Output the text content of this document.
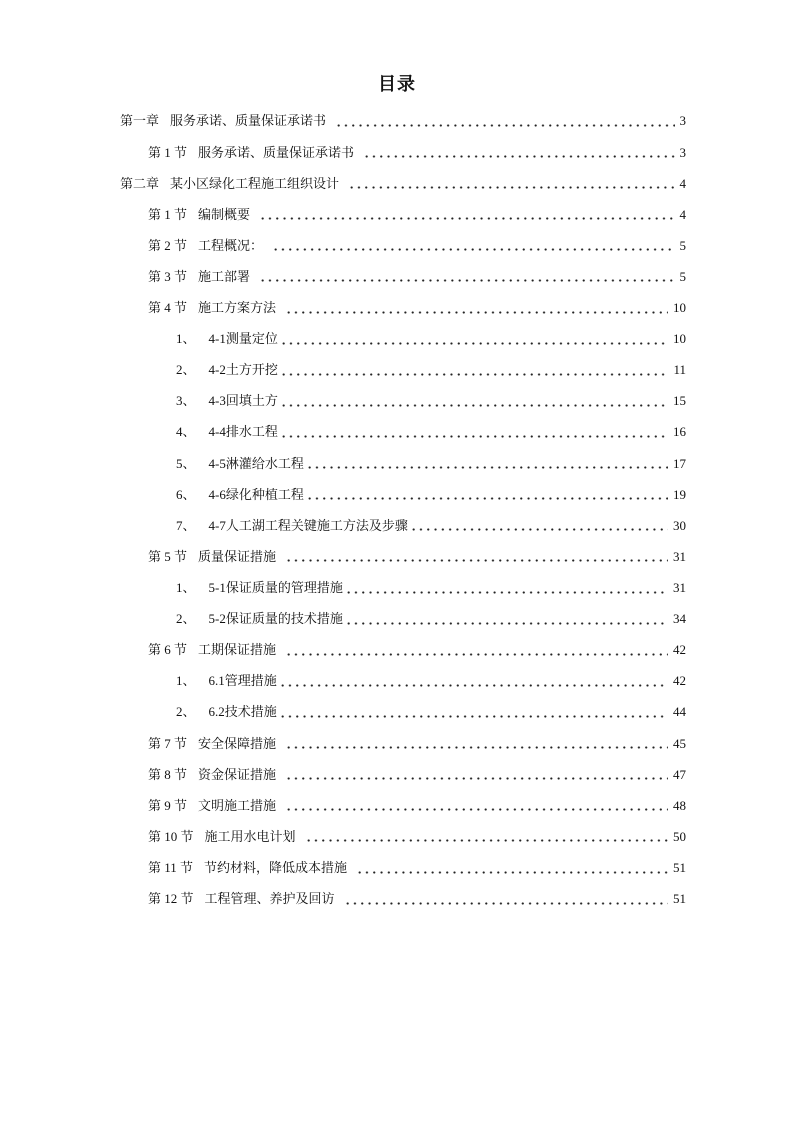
目录
第一章 服务承诺、质量保证承诺书	3
第 1 节 服务承诺、质量保证承诺书	3
第二章 某小区绿化工程施工组织设计	4
第 1 节 编制概要	4
第 2 节 工程概况：	5
第 3 节 施工部署	5
第 4 节 施工方案方法	10
1、 4-1测量定位	10
2、 4-2土方开挖	11
3、 4-3回填土方	15
4、 4-4排水工程	16
5、 4-5淋灌给水工程	17
6、 4-6绿化种植工程	19
7、 4-7人工湖工程关键施工方法及步骤	30
第 5 节 质量保证措施	31
1、 5-1保证质量的管理措施	31
2、 5-2保证质量的技术措施	34
第 6 节 工期保证措施	42
1、 6.1管理措施	42
2、 6.2技术措施	44
第 7 节 安全保障措施	45
第 8 节 资金保证措施	47
第 9 节 文明施工措施	48
第 10 节 施工用水电计划	50
第 11 节 节约材料，降低成本措施	51
第 12 节 工程管理、养护及回访	51
